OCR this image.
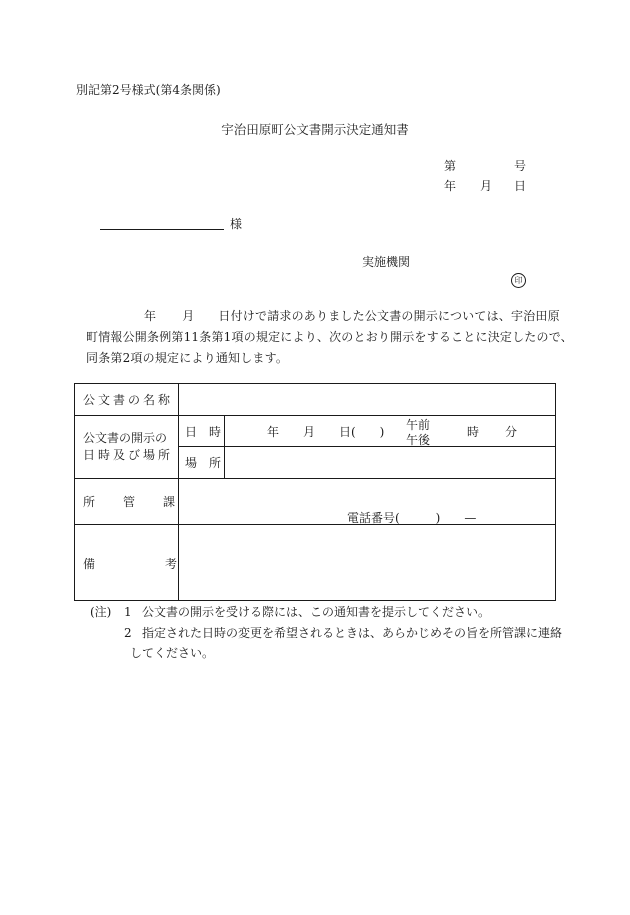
別記第2号様式(第4条関係)
宇治田原町公文書開示決定通知書
第	号
年 月 日
様
実施機関
印

年 月 日付けで請求のありました公文書の開示については、宇治田原

町情報公開条例第11条第1項の規定により、次のとおり開示をすることに決定したので、

同条第2項の規定により通知します。

公文書の名称
公文書の開示の
日時及び場所
日　時	年 月 日(　　) 午前
午後
時 分
場　所
所管課
電話番号(　　　)　　—
備考
(注) 1 公文書の開示を受ける際には、この通知書を提示してください。
2 指定された日時の変更を希望されるときは、あらかじめその旨を所管課に連絡
してください。
